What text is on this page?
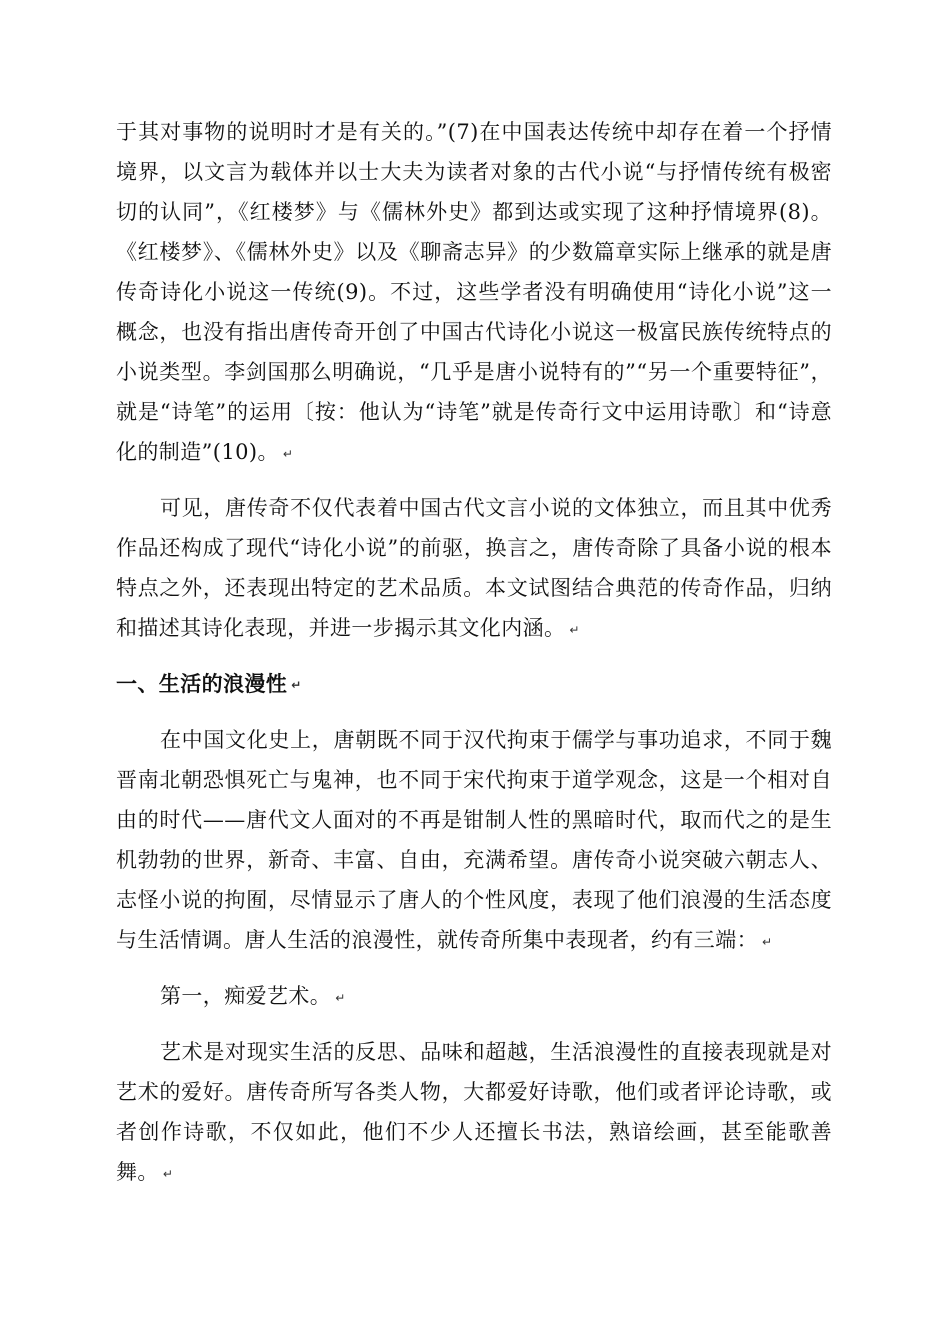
于其对事物的说明时才是有关的。”(7)在中国表达传统中却存在着一个抒情境界，以文言为载体并以士大夫为读者对象的古代小说“与抒情传统有极密切的认同”，《红楼梦》与《儒林外史》都到达或实现了这种抒情境界(8)。《红楼梦》、《儒林外史》以及《聊斋志异》的少数篇章实际上继承的就是唐传奇诗化小说这一传统(9)。不过，这些学者没有明确使用“诗化小说”这一概念，也没有指出唐传奇开创了中国古代诗化小说这一极富民族传统特点的小说类型。李剑国那么明确说，“几乎是唐小说特有的”“另一个重要特征”，就是“诗笔”的运用〔按：他认为“诗笔”就是传奇行文中运用诗歌〕和“诗意化的制造”(10)。 ↵

可见，唐传奇不仅代表着中国古代文言小说的文体独立，而且其中优秀作品还构成了现代“诗化小说”的前驱，换言之，唐传奇除了具备小说的根本特点之外，还表现出特定的艺术品质。本文试图结合典范的传奇作品，归纳和描述其诗化表现，并进一步揭示其文化内涵。 ↵

一、生活的浪漫性 ↵

在中国文化史上，唐朝既不同于汉代拘束于儒学与事功追求，不同于魏晋南北朝恐惧死亡与鬼神，也不同于宋代拘束于道学观念，这是一个相对自由的时代——唐代文人面对的不再是钳制人性的黑暗时代，取而代之的是生机勃勃的世界，新奇、丰富、自由，充满希望。唐传奇小说突破六朝志人、志怪小说的拘囿，尽情显示了唐人的个性风度，表现了他们浪漫的生活态度与生活情调。唐人生活的浪漫性，就传奇所集中表现者，约有三端： ↵

第一，痴爱艺术。 ↵

艺术是对现实生活的反思、品味和超越，生活浪漫性的直接表现就是对艺术的爱好。唐传奇所写各类人物，大都爱好诗歌，他们或者评论诗歌，或者创作诗歌，不仅如此，他们不少人还擅长书法，熟谙绘画，甚至能歌善舞。 ↵
